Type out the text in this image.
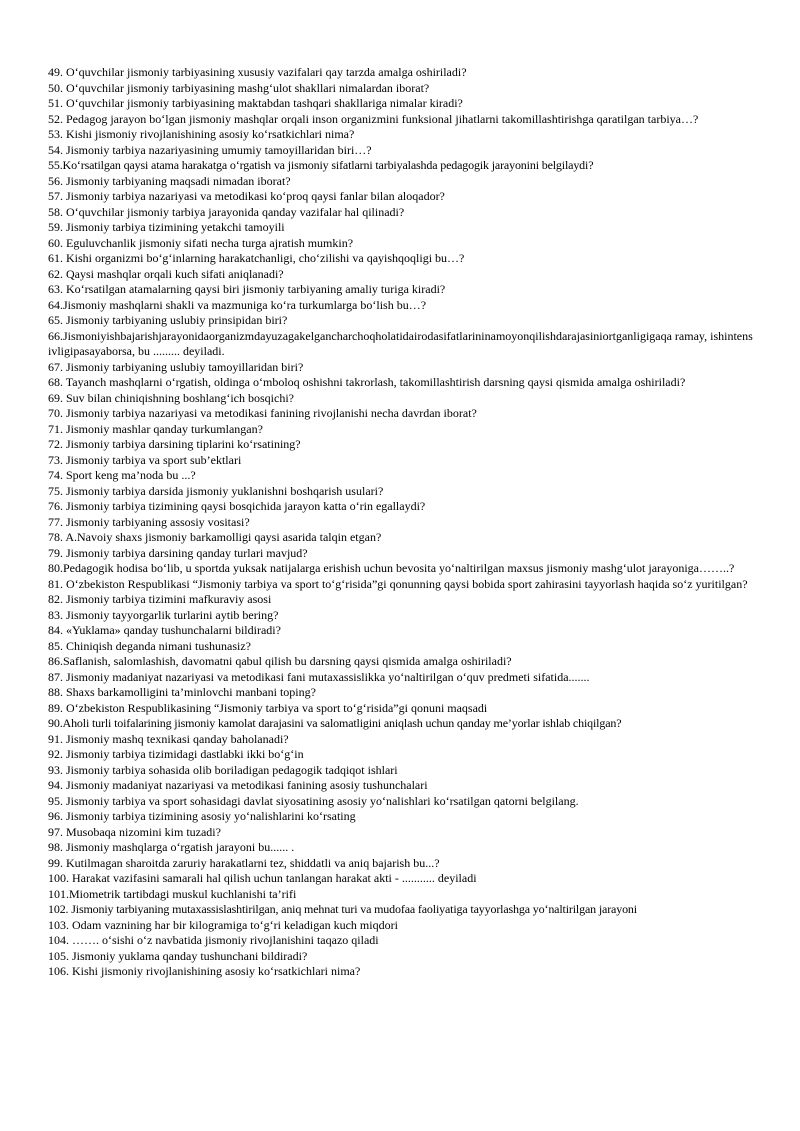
49. O‘quvchilar jismoniy tarbiyasining xususiy vazifalari qay tarzda amalga oshiriladi?

50. O‘quvchilar jismoniy tarbiyasining mashg‘ulot shakllari nimalardan iborat?

51. O‘quvchilar jismoniy tarbiyasining maktabdan tashqari shakllariga nimalar kiradi?

52. Pedagog jarayon bo‘lgan jismoniy mashqlar orqali inson organizmini funksional jihatlarni takomillashtirishga qaratilgan tarbiya…?

53. Kishi jismoniy rivojlanishining asosiy ko‘rsatkichlari nima?

54. Jismoniy tarbiya nazariyasining umumiy tamoyillaridan biri…?

55.Ko‘rsatilgan qaysi atama harakatga o‘rgatish va jismoniy sifatlarni tarbiyalashda pedagogik jarayonini belgilaydi?

56. Jismoniy tarbiyaning maqsadi nimadan iborat?

57. Jismoniy tarbiya nazariyasi va metodikasi ko‘proq qaysi fanlar bilan aloqador?

58. O‘quvchilar jismoniy tarbiya jarayonida qanday vazifalar hal qilinadi?

59. Jismoniy tarbiya tizimining yetakchi tamoyili

60. Eguluvchanlik jismoniy sifati necha turga ajratish mumkin?

61. Kishi organizmi bo‘g‘inlarning harakatchanligi, cho‘zilishi va qayishqoqligi bu…?

62. Qaysi mashqlar orqali kuch sifati aniqlanadi?

63. Ko‘rsatilgan atamalarning qaysi biri jismoniy tarbiyaning amaliy turiga kiradi?

64.Jismoniy mashqlarni shakli va mazmuniga ko‘ra turkumlarga bo‘lish bu…?

65. Jismoniy tarbiyaning uslubiy prinsipidan biri?

66.Jismoniyishbajarishjarayonidaorganizmdayuzagakelgancharchoqholatidairodasifatlarininamoyonqilishdarajasiniortganligigaqa ramay, ishintensivligipasayaborsa, bu ......... deyiladi.

67. Jismoniy tarbiyaning uslubiy tamoyillaridan biri?

68. Tayanch mashqlarni o‘rgatish, oldinga o‘mboloq oshishni takrorlash, takomillashtirish darsning qaysi qismida amalga oshiriladi?

69. Suv bilan chiniqishning boshlang‘ich bosqichi?

70. Jismoniy tarbiya nazariyasi va metodikasi fanining rivojlanishi necha davrdan iborat?

71. Jismoniy mashlar qanday turkumlangan?

72. Jismoniy tarbiya darsining tiplarini ko‘rsatining?

73. Jismoniy tarbiya va sport sub’ektlari

74. Sport keng ma’noda bu ...?

75. Jismoniy tarbiya darsida jismoniy yuklanishni boshqarish usulari?

76. Jismoniy tarbiya tizimining qaysi bosqichida jarayon katta o‘rin egallaydi?

77. Jismoniy tarbiyaning assosiy vositasi?

78. A.Navoiy shaxs jismoniy barkamolligi qaysi asarida talqin etgan?

79. Jismoniy tarbiya darsining qanday turlari mavjud?

80.Pedagogik hodisa bo‘lib, u sportda yuksak natijalarga erishish uchun bevosita yo‘naltirilgan maxsus jismoniy mashg‘ulot jarayoniga……..?

81. O‘zbekiston Respublikasi “Jismoniy tarbiya va sport to‘g‘risida”gi qonunning qaysi bobida sport zahirasini tayyorlash haqida so‘z yuritilgan?

82. Jismoniy tarbiya tizimini mafkuraviy asosi

83. Jismoniy tayyorgarlik turlarini aytib bering?

84. «Yuklama» qanday tushunchalarni bildiradi?

85. Chiniqish deganda nimani tushunasiz?

86.Saflanish, salomlashish, davomatni qabul qilish bu darsning qaysi qismida amalga oshiriladi?

87. Jismoniy madaniyat nazariyasi va metodikasi fani mutaxassislikka yo‘naltirilgan o‘quv predmeti sifatida.......

88. Shaxs barkamolligini ta’minlovchi manbani toping?

89. O‘zbekiston Respublikasining “Jismoniy tarbiya va sport to‘g‘risida”gi qonuni maqsadi

90.Aholi turli toifalarining jismoniy kamolat darajasini va salomatligini aniqlash uchun qanday me’yorlar ishlab chiqilgan?

91. Jismoniy mashq texnikasi qanday baholanadi?

92. Jismoniy tarbiya tizimidagi dastlabki ikki bo‘g‘in

93. Jismoniy tarbiya sohasida olib boriladigan pedagogik tadqiqot ishlari

94. Jismoniy madaniyat nazariyasi va metodikasi fanining asosiy tushunchalari

95. Jismoniy tarbiya va sport sohasidagi davlat siyosatining asosiy yo‘nalishlari ko‘rsatilgan qatorni belgilang.

96. Jismoniy tarbiya tizimining asosiy yo‘nalishlarini ko‘rsating

97. Musobaqa nizomini kim tuzadi?

98. Jismoniy mashqlarga o‘rgatish jarayoni bu...... .

99. Kutilmagan sharoitda zaruriy harakatlarni tez, shiddatli va aniq bajarish bu...?

100. Harakat vazifasini samarali hal qilish uchun tanlangan harakat akti - ........... deyiladi

101.Miometrik tartibdagi muskul kuchlanishi ta’rifi

102. Jismoniy tarbiyaning mutaxassislashtirilgan, aniq mehnat turi va mudofaa faoliyatiga tayyorlashga yo‘naltirilgan jarayoni

103. Odam vaznining har bir kilogramiga to‘g‘ri keladigan kuch miqdori

104. ……. o‘sishi o‘z navbatida jismoniy rivojlanishini taqazo qiladi

105. Jismoniy yuklama qanday tushunchani bildiradi?

106. Kishi jismoniy rivojlanishining asosiy ko‘rsatkichlari nima?
